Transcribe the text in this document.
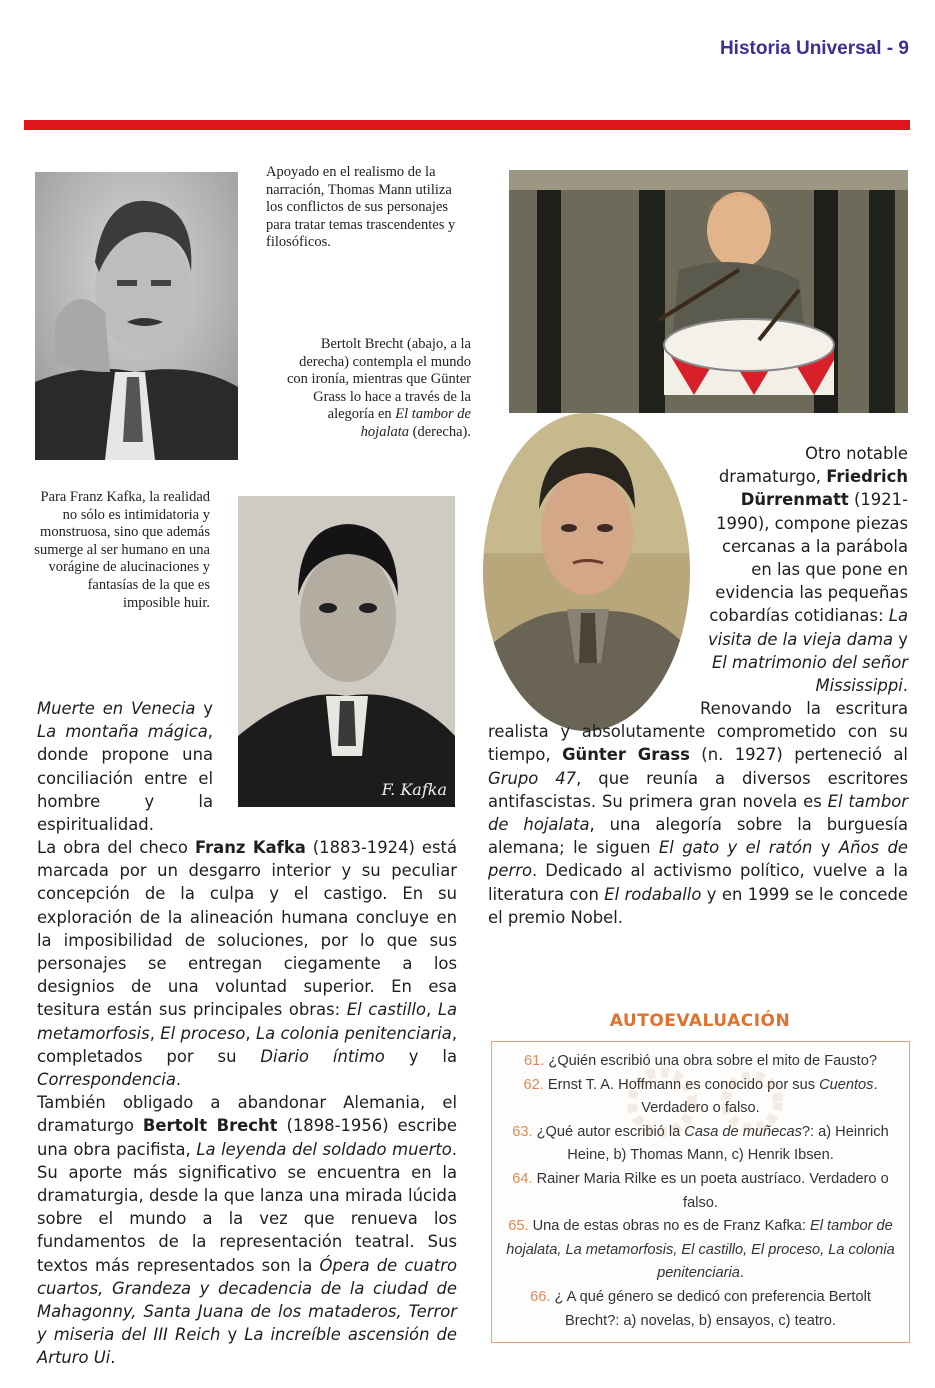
Historia Universal - 9
Apoyado en el realismo de la narración, Thomas Mann utiliza los conflictos de sus personajes para tratar temas trascendentes y filosóficos.
Bertolt Brecht (abajo, a la derecha) contempla el mundo con ironía, mientras que Günter Grass lo hace a través de la alegoría en El tambor de hojalata (derecha).
Para Franz Kafka, la realidad no sólo es intimidatoria y monstruosa, sino que además sumerge al ser humano en una vorágine de alucinaciones y fantasías de la que es imposible huir.
F. Kafka

Muerte en Venecia y La montaña mágica, donde propone una conciliación entre el hombre y la espiritualidad.

La obra del checo Franz Kafka (1883-1924) está marcada por un desgarro interior y su peculiar concepción de la culpa y el castigo. En su exploración de la alineación humana concluye en la imposibilidad de soluciones, por lo que sus personajes se entregan ciegamente a los designios de una voluntad superior. En esa tesitura están sus principales obras: El castillo, La metamorfosis, El proceso, La colonia penitenciaria, completados por su Diario íntimo y la Correspondencia.

También obligado a abandonar Alemania, el dramaturgo Bertolt Brecht (1898-1956) escribe una obra pacifista, La leyenda del soldado muerto. Su aporte más significativo se encuentra en la dramaturgia, desde la que lanza una mirada lúcida sobre el mundo a la vez que renueva los fundamentos de la representación teatral. Sus textos más representados son la Ópera de cuatro cuartos, Grandeza y decadencia de la ciudad de Mahagonny, Santa Juana de los mataderos, Terror y miseria del III Reich y La increíble ascensión de Arturo Ui.

Otro notable dramaturgo, Friedrich Dürrenmatt (1921-1990), compone piezas cercanas a la parábola en las que pone en evidencia las pequeñas cobardías cotidianas: La visita de la vieja dama y El matrimonio del señor Mississippi.

Renovando la escritura realista y absolutamente comprometido con su tiempo, Günter Grass (n. 1927) perteneció al Grupo 47, que reunía a diversos escritores antifascistas. Su primera gran novela es El tambor de hojalata, una alegoría sobre la burguesía alemana; le siguen El gato y el ratón y Años de perro. Dedicado al activismo político, vuelve a la literatura con El rodaballo y en 1999 se le concede el premio Nobel.

AUTOEVALUACIÓN

61. ¿Quién escribió una obra sobre el mito de Fausto?

62. Ernst T. A. Hoffmann es conocido por sus Cuentos. Verdadero o falso.

63. ¿Qué autor escribió la Casa de muñecas?: a) Heinrich Heine, b) Thomas Mann, c) Henrik Ibsen.

64. Rainer Maria Rilke es un poeta austríaco. Verdadero o falso.

65. Una de estas obras no es de Franz Kafka: El tambor de hojalata, La metamorfosis, El castillo, El proceso, La colonia penitenciaria.

66. ¿ A qué género se dedicó con preferencia Bertolt Brecht?: a) novelas, b) ensayos, c) teatro.
